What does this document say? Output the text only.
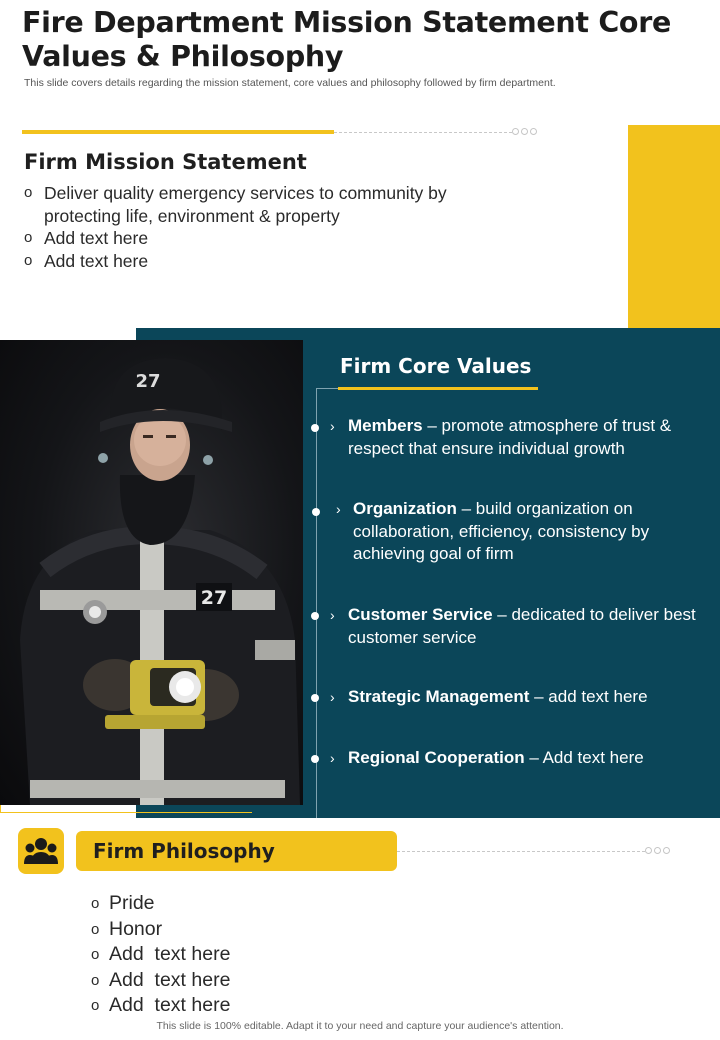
Fire Department Mission Statement Core Values & Philosophy
This slide covers details regarding the mission statement, core values and philosophy followed by firm department.
Firm Mission Statement
o Deliver quality emergency services to community by protecting life, environment & property
o Add text here
o Add text here
27
27
Firm Core Values
› Members – promote atmosphere of trust & respect that ensure individual growth
› Organization – build organization on collaboration, efficiency, consistency by achieving goal of firm
› Customer Service – dedicated to deliver best customer service
› Strategic Management – add text here
› Regional Cooperation – Add text here
Firm Philosophy
o Pride
o Honor
o Add  text here
o Add  text here
o Add  text here
This slide is 100% editable. Adapt it to your need and capture your audience's attention.
